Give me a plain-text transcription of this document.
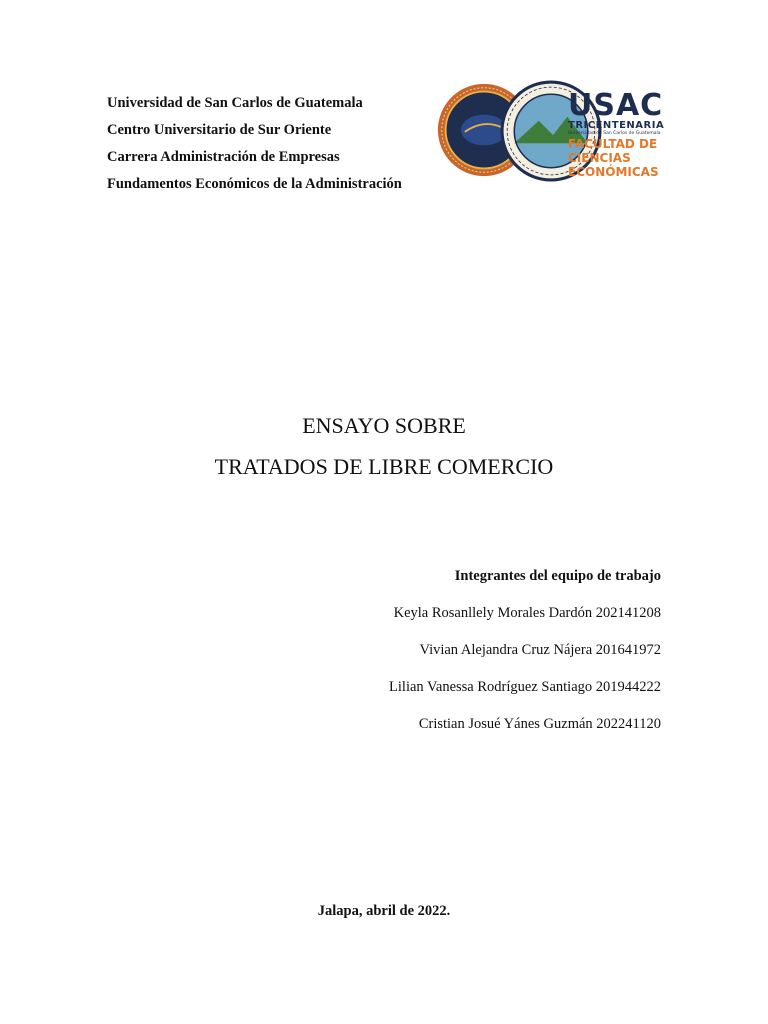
Universidad de San Carlos de Guatemala
Centro Universitario de Sur Oriente
Carrera Administración de Empresas
Fundamentos Económicos de la Administración
USAC
TRICENTENARIA
Universidad de San Carlos de Guatemala
FACULTAD DE
CIENCIAS ECONÓMICAS
ENSAYO SOBRE
TRATADOS DE LIBRE COMERCIO
Integrantes del equipo de trabajo
Keyla Rosanllely Morales Dardón 202141208
Vivian Alejandra Cruz Nájera 201641972
Lilian Vanessa Rodríguez Santiago 201944222
Cristian Josué Yánes Guzmán 202241120
Jalapa, abril de 2022.
